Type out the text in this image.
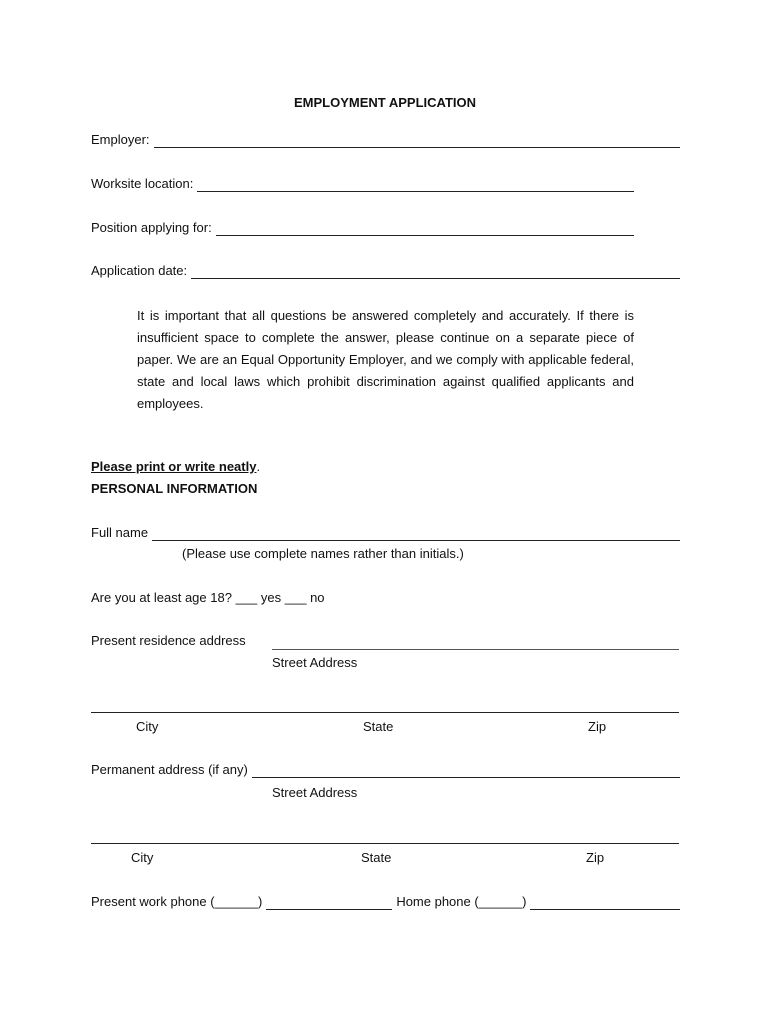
EMPLOYMENT APPLICATION
Employer:
Worksite location:
Position applying for:
Application date:
It is important that all questions be answered completely and accurately. If there is insufficient space to complete the answer, please continue on a separate piece of paper. We are an Equal Opportunity Employer, and we comply with applicable federal, state and local laws which prohibit discrimination against qualified applicants and employees.
Please print or write neatly.
PERSONAL INFORMATION
Full name
(Please use complete names rather than initials.)
Are you at least age 18? ___ yes ___ no
Present residence address
Street Address
City	State	Zip
Permanent address (if any)
Street Address
City	State	Zip
Present work phone ( ______ )	Home phone ( ______ )
